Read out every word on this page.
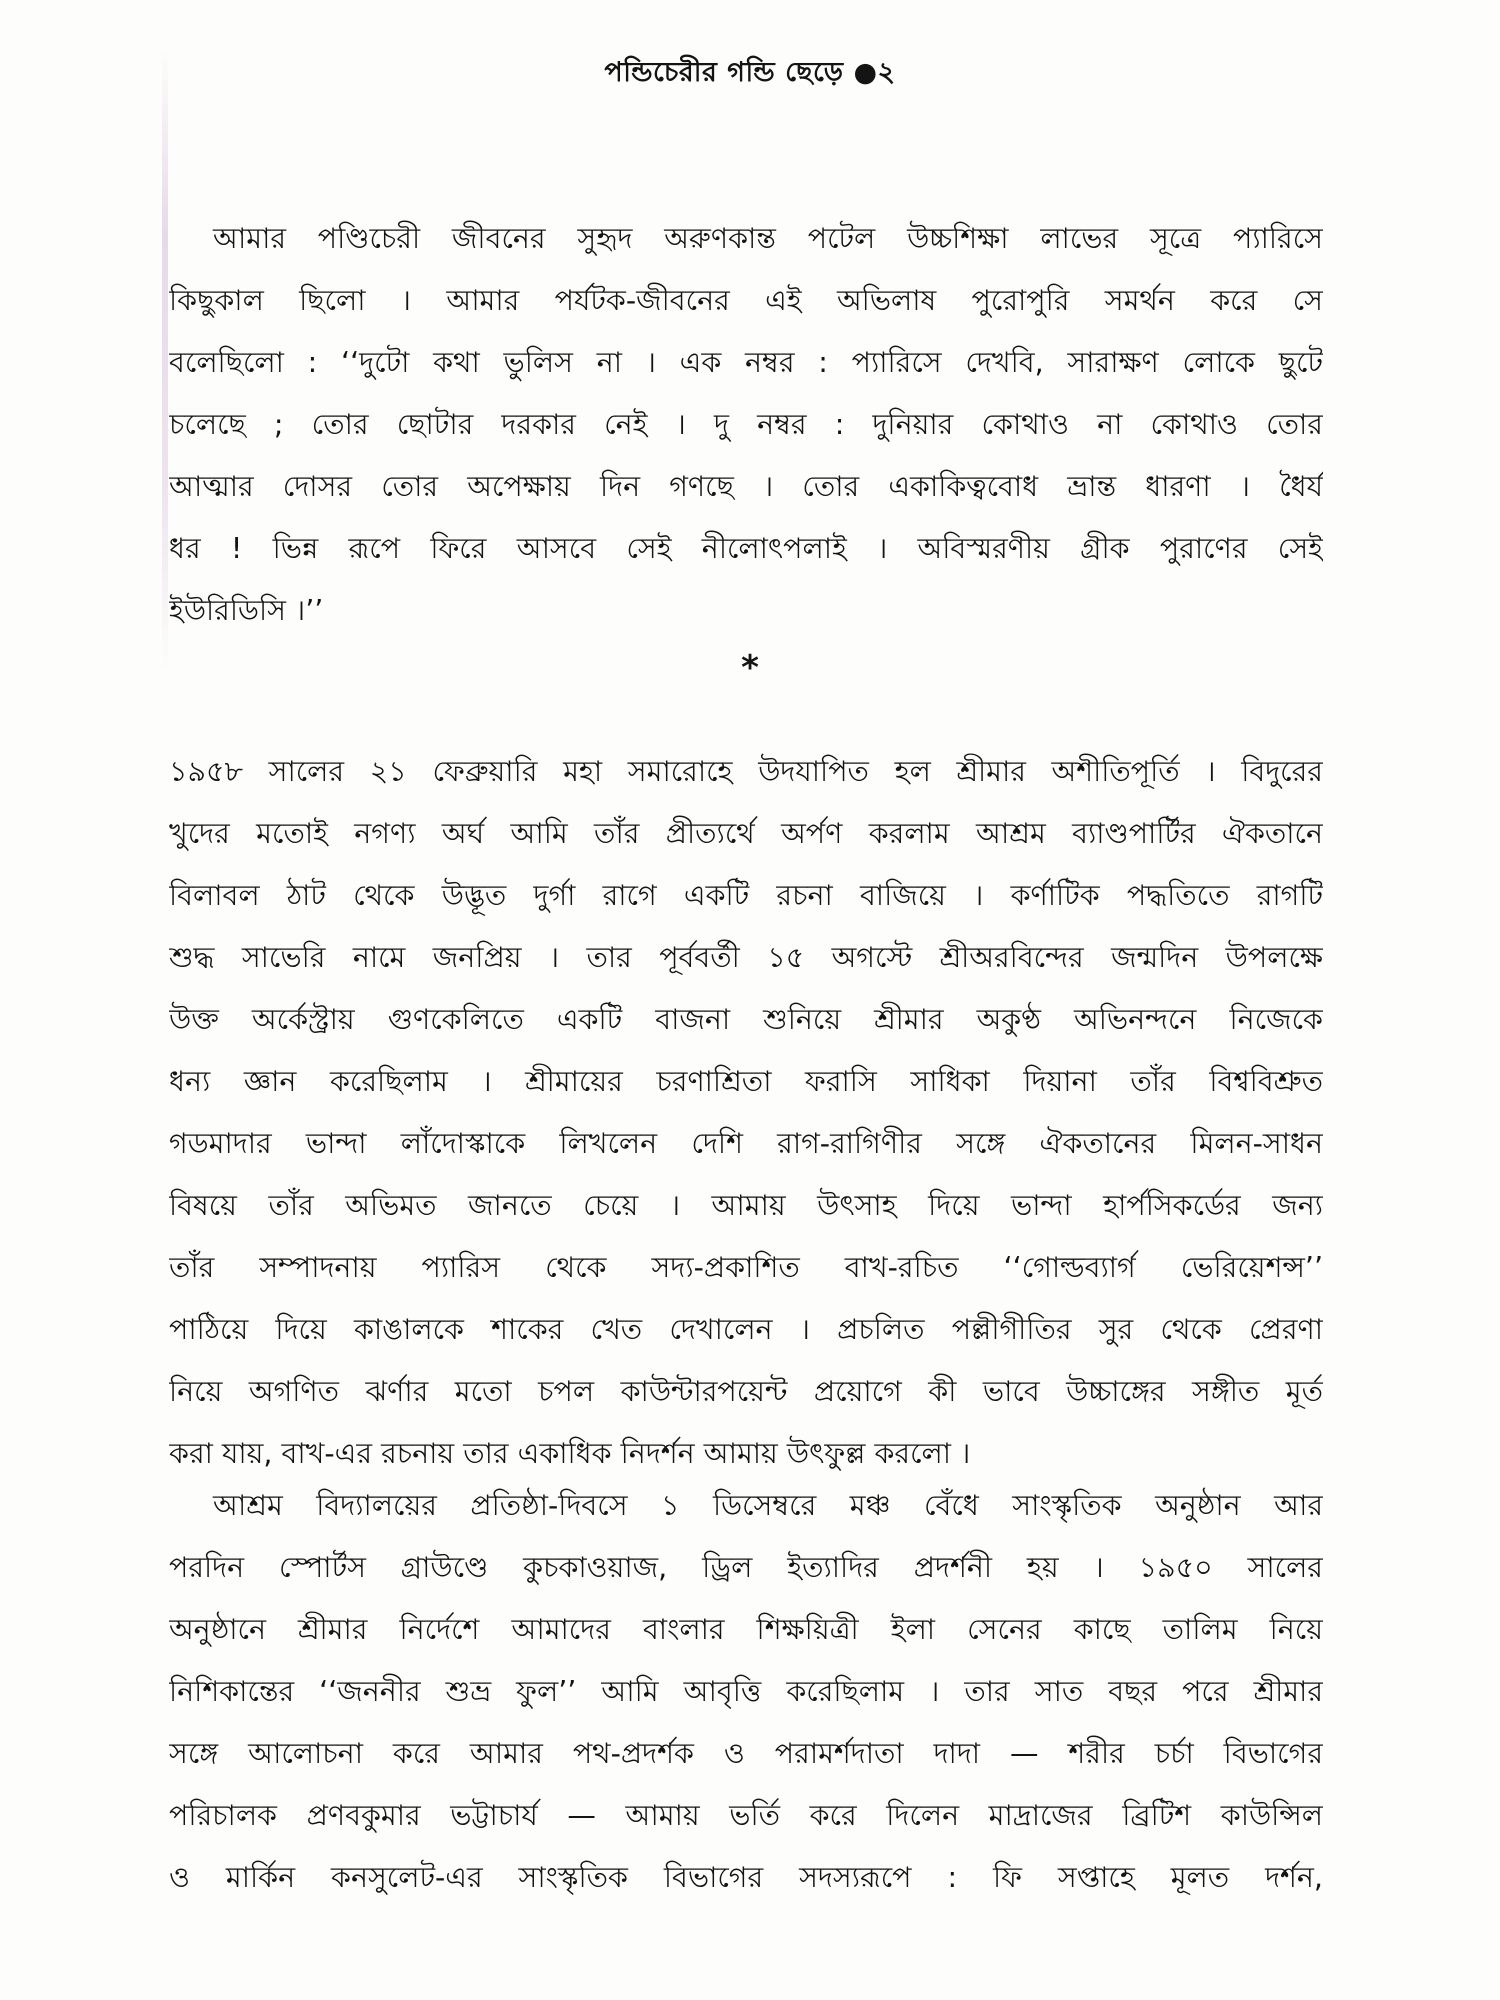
পন্ডিচেরীর গন্ডি ছেড়ে ●২
আমার পণ্ডিচেরী জীবনের সুহৃদ অরুণকান্ত পটেল উচ্চশিক্ষা লাভের সূত্রে প্যারিসে
কিছুকাল ছিলো । আমার পর্যটক-জীবনের এই অভিলাষ পুরোপুরি সমর্থন করে সে
বলেছিলো : ‘‘দুটো কথা ভুলিস না । এক নম্বর : প্যারিসে দেখবি, সারাক্ষণ লোকে ছুটে
চলেছে ; তোর ছোটার দরকার নেই । দু নম্বর : দুনিয়ার কোথাও না কোথাও তোর
আত্মার দোসর তোর অপেক্ষায় দিন গণছে । তোর একাকিত্ববোধ ভ্রান্ত ধারণা । ধৈর্য
ধর ! ভিন্ন রূপে ফিরে আসবে সেই নীলোৎপলাই । অবিস্মরণীয় গ্রীক পুরাণের সেই
ইউরিডিসি ।’’
*
১৯৫৮ সালের ২১ ফেব্রুয়ারি মহা সমারোহে উদযাপিত হল শ্রীমার অশীতিপূর্তি । বিদুরের
খুদের মতোই নগণ্য অর্ঘ আমি তাঁর প্রীত্যর্থে অর্পণ করলাম আশ্রম ব্যাণ্ডপার্টির ঐকতানে
বিলাবল ঠাট থেকে উদ্ভূত দুর্গা রাগে একটি রচনা বাজিয়ে । কর্ণাটিক পদ্ধতিতে রাগটি
শুদ্ধ সাভেরি নামে জনপ্রিয় । তার পূর্ববর্তী ১৫ অগস্টে শ্রীঅরবিন্দের জন্মদিন উপলক্ষে
উক্ত অর্কেস্ট্রায় গুণকেলিতে একটি বাজনা শুনিয়ে শ্রীমার অকুণ্ঠ অভিনন্দনে নিজেকে
ধন্য জ্ঞান করেছিলাম । শ্রীমায়ের চরণাশ্রিতা ফরাসি সাধিকা দিয়ানা তাঁর বিশ্ববিশ্রুত
গডমাদার ভান্দা লাঁদোস্কাকে লিখলেন দেশি রাগ-রাগিণীর সঙ্গে ঐকতানের মিলন-সাধন
বিষয়ে তাঁর অভিমত জানতে চেয়ে । আমায় উৎসাহ দিয়ে ভান্দা হার্পসিকর্ডের জন্য
তাঁর সম্পাদনায় প্যারিস থেকে সদ্য-প্রকাশিত বাখ-রচিত ‘‘গোল্ডব্যার্গ ভেরিয়েশন্স’’
পাঠিয়ে দিয়ে কাঙালকে শাকের খেত দেখালেন । প্রচলিত পল্লীগীতির সুর থেকে প্রেরণা
নিয়ে অগণিত ঝর্ণার মতো চপল কাউন্টারপয়েন্ট প্রয়োগে কী ভাবে উচ্চাঙ্গের সঙ্গীত মূর্ত
করা যায়, বাখ-এর রচনায় তার একাধিক নিদর্শন আমায় উৎফুল্ল করলো ।
আশ্রম বিদ্যালয়ের প্রতিষ্ঠা-দিবসে ১ ডিসেম্বরে মঞ্চ বেঁধে সাংস্কৃতিক অনুষ্ঠান আর
পরদিন স্পোর্টস গ্রাউণ্ডে কুচকাওয়াজ, ড্রিল ইত্যাদির প্রদর্শনী হয় । ১৯৫০ সালের
অনুষ্ঠানে শ্রীমার নির্দেশে আমাদের বাংলার শিক্ষয়িত্রী ইলা সেনের কাছে তালিম নিয়ে
নিশিকান্তের ‘‘জননীর শুভ্র ফুল’’ আমি আবৃত্তি করেছিলাম । তার সাত বছর পরে শ্রীমার
সঙ্গে আলোচনা করে আমার পথ-প্রদর্শক ও পরামর্শদাতা দাদা — শরীর চর্চা বিভাগের
পরিচালক প্রণবকুমার ভট্টাচার্য — আমায় ভর্তি করে দিলেন মাদ্রাজের ব্রিটিশ কাউন্সিল
ও মার্কিন কনসুলেট-এর সাংস্কৃতিক বিভাগের সদস্যরূপে : ফি সপ্তাহে মূলত দর্শন,
